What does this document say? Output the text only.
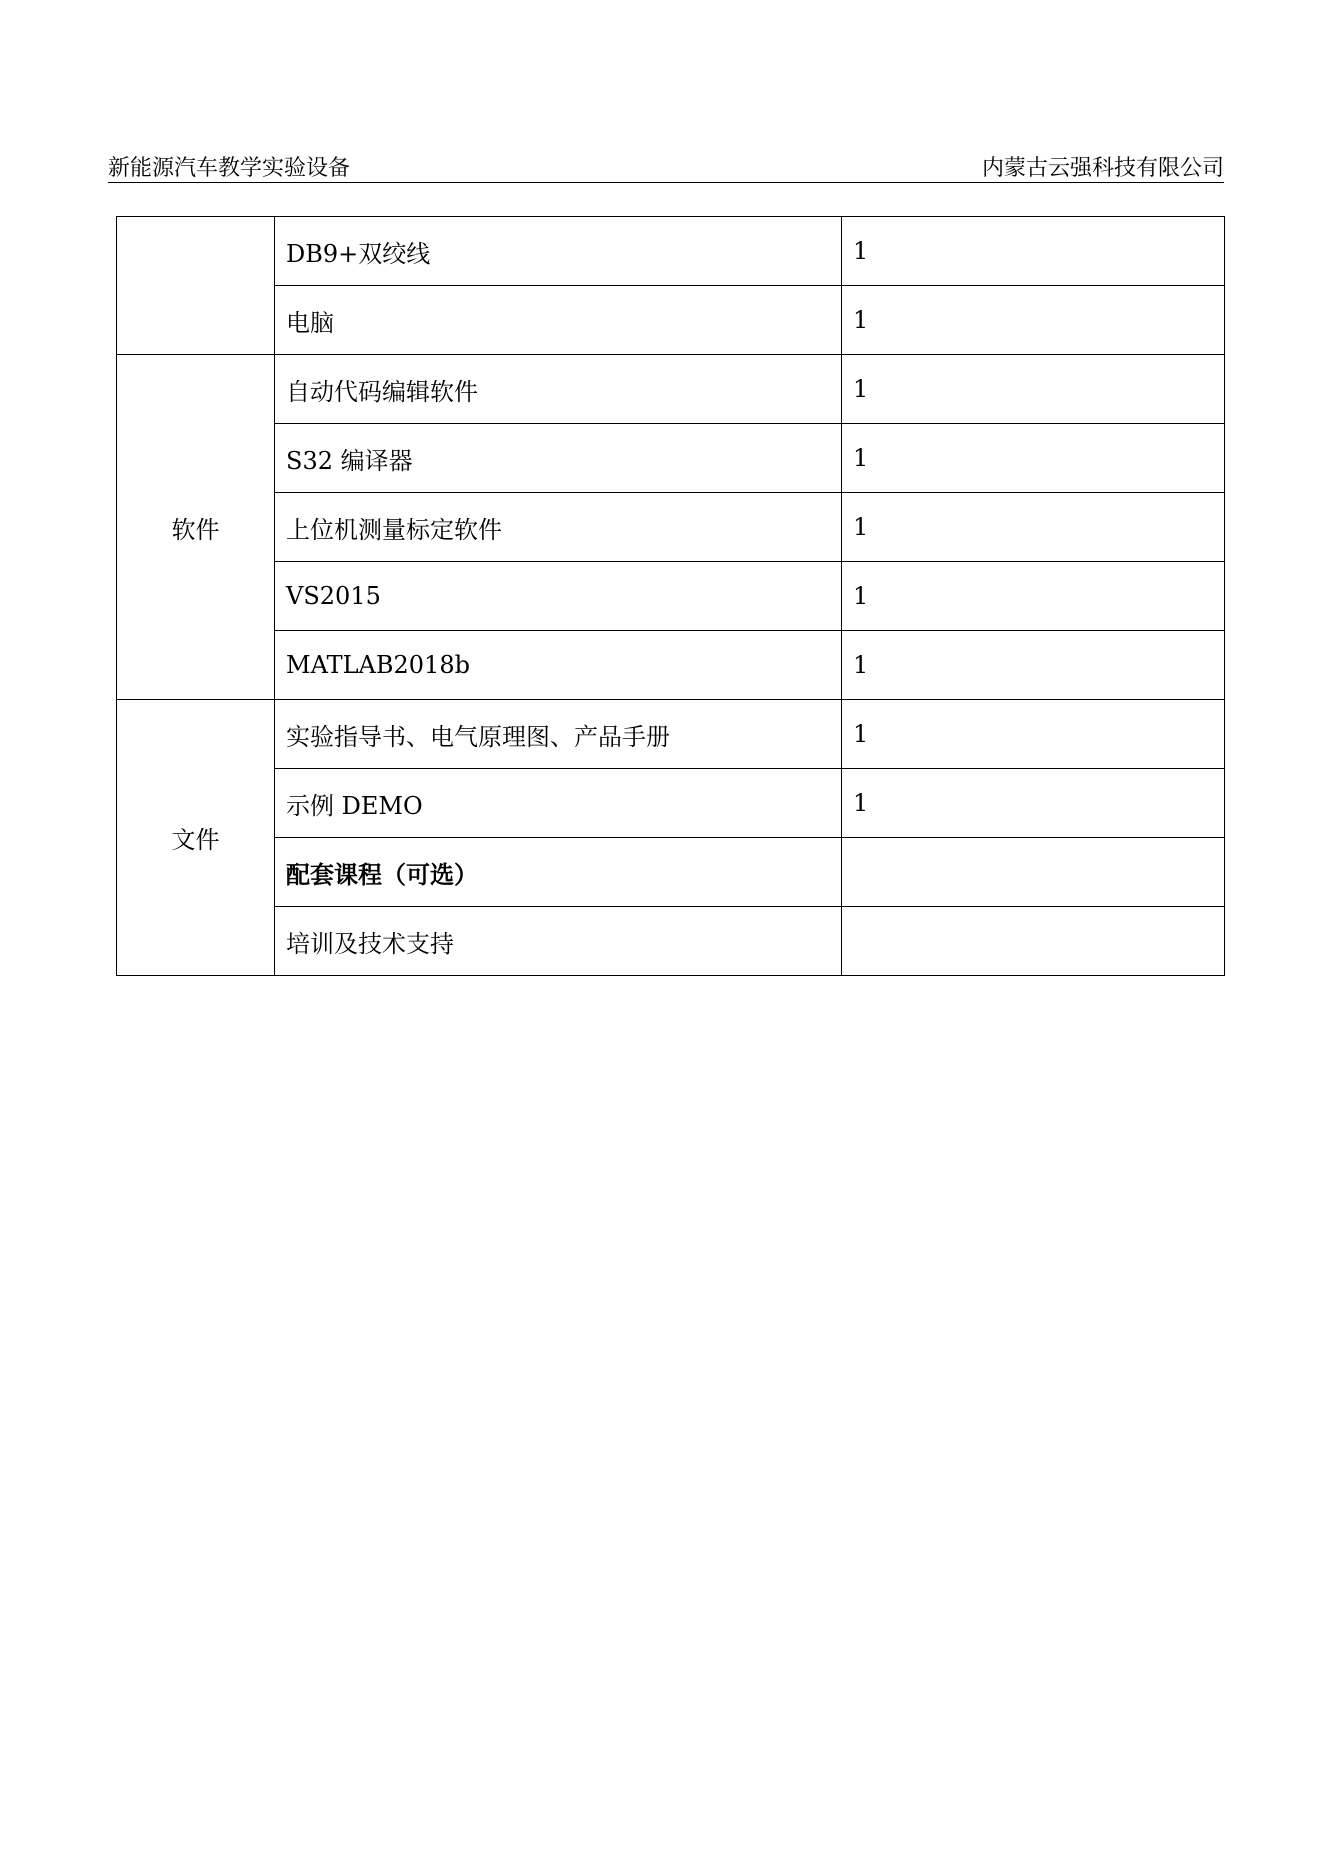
新能源汽车教学实验设备	内蒙古云强科技有限公司
	DB9+双绞线	1
	电脑	1
软件	自动代码编辑软件	1
	S32 编译器	1
	上位机测量标定软件	1
	VS2015	1
	MATLAB2018b	1
文件	实验指导书、电气原理图、产品手册	1
	示例 DEMO	1
	配套课程（可选）	
	培训及技术支持	
